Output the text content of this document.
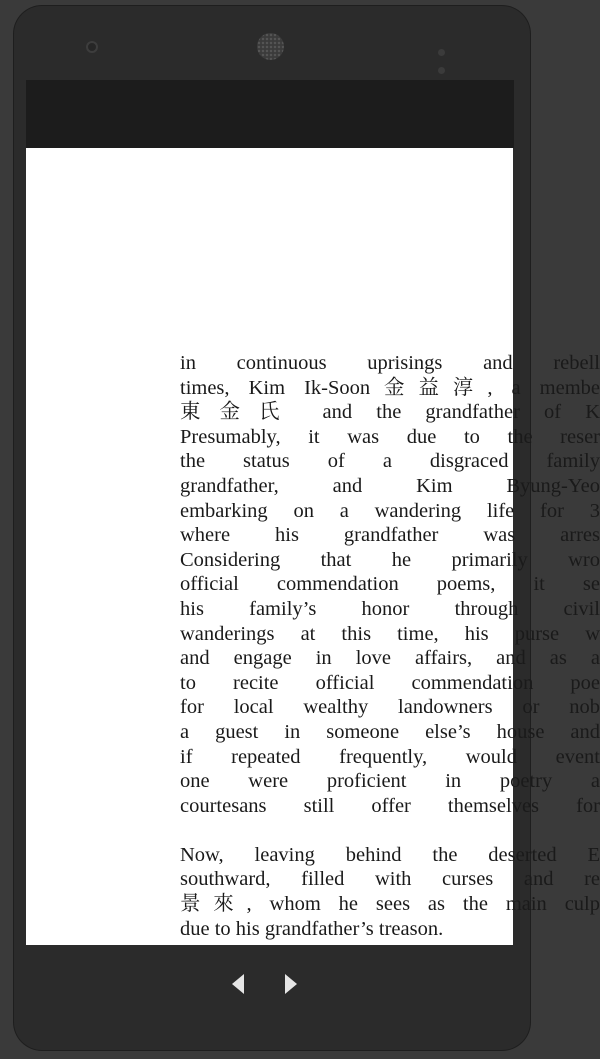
in continuous uprisings and rebell
times, Kim Ik-Soon金益淳, a membe
東金氏 and the grandfather of K
Presumably, it was due to the reser
the status of a disgraced family
grandfather, and Kim Byung-Yeo
embarking on a wandering life for 3
where his grandfather was arres
Considering that he primarily wro
official commendation poems, it se
his family’s honor through civil
wanderings at this time, his purse w
and engage in love affairs, and as a
to recite official commendation poe
for local wealthy landowners or nob
a guest in someone else’s house and
if repeated frequently, would event
one were proficient in poetry a
courtesans still offer themselves for
Now, leaving behind the deserted E
southward, filled with curses and re
景來, whom he sees as the main culp
due to his grandfather’s treason.
